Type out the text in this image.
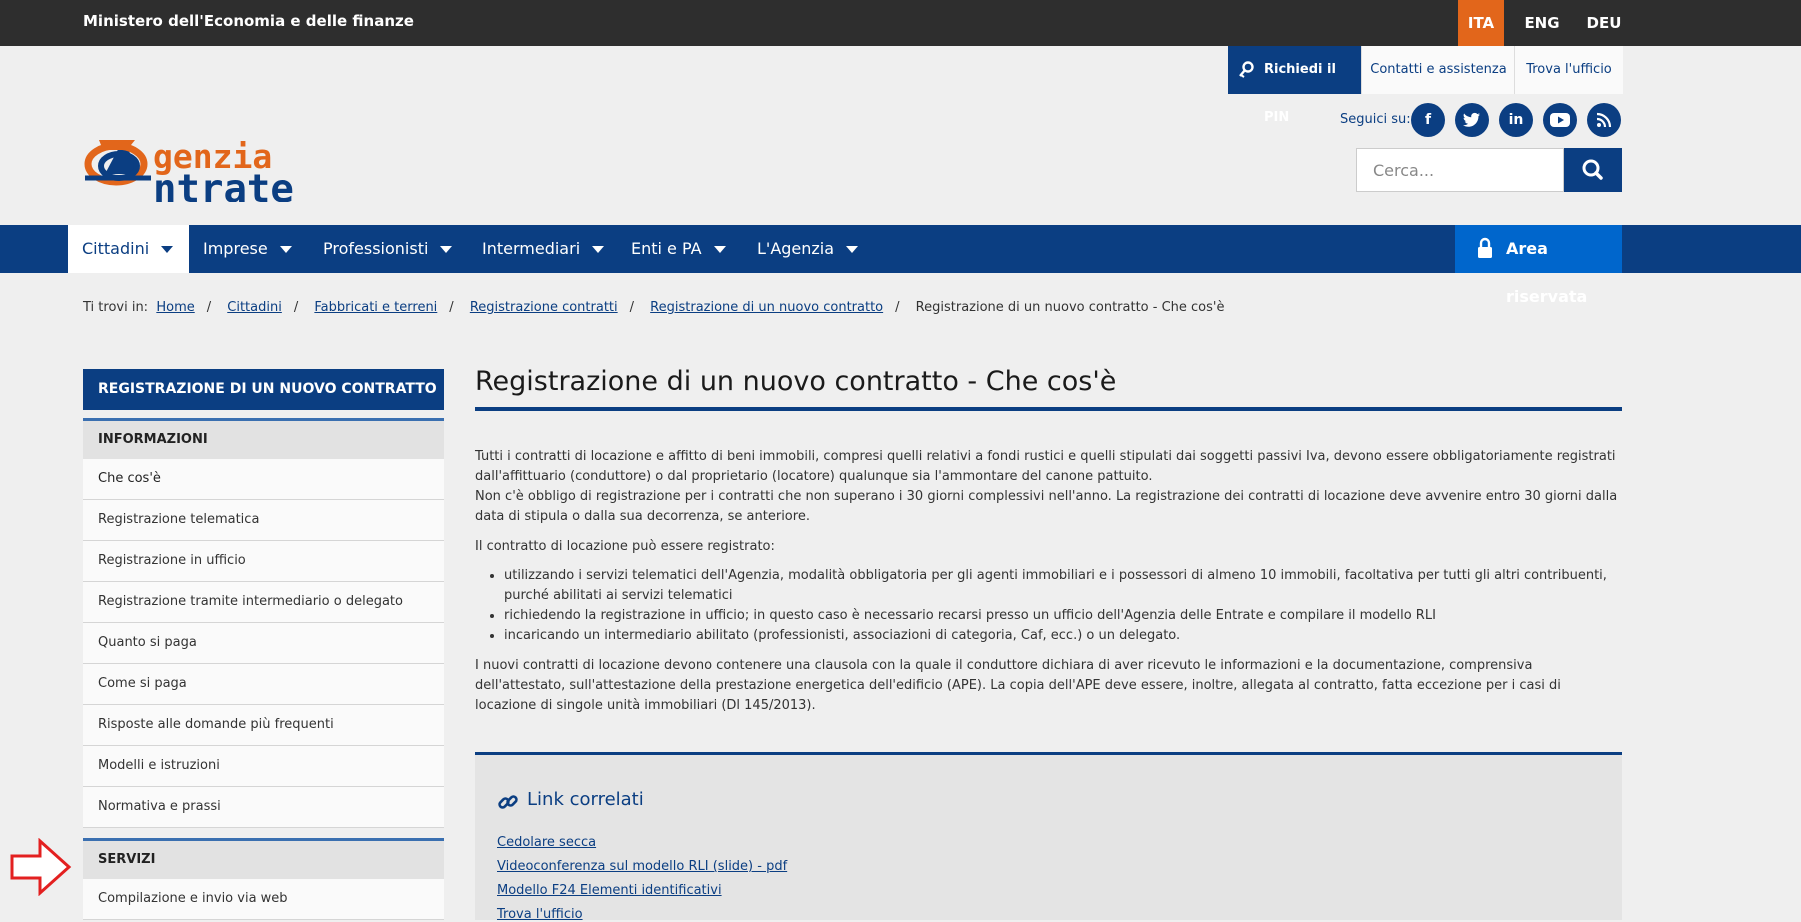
Ministero dell'Economia e delle finanze	ITA	ENG	DEU
Richiedi il PIN
Contatti e assistenza	Trova l'ufficio
Seguici su:	f	in
Cerca...
genzia
ntrate
Cittadini	Imprese	Professionisti	Intermediari	Enti e PA	L'Agenzia	Area riservata
Ti trovi in: Home / Cittadini / Fabbricati e terreni / Registrazione contratti / Registrazione di un nuovo contratto / Registrazione di un nuovo contratto - Che cos'è
REGISTRAZIONE DI UN NUOVO CONTRATTO
INFORMAZIONI
Che cos'è
Registrazione telematica
Registrazione in ufficio
Registrazione tramite intermediario o delegato
Quanto si paga
Come si paga
Risposte alle domande più frequenti
Modelli e istruzioni
Normativa e prassi
SERVIZI
Compilazione e invio via web
Registrazione di un nuovo contratto - Che cos'è

Tutti i contratti di locazione e affitto di beni immobili, compresi quelli relativi a fondi rustici e quelli stipulati dai soggetti passivi Iva, devono essere obbligatoriamente registrati dall'affittuario (conduttore) o dal proprietario (locatore) qualunque sia l'ammontare del canone pattuito.

Non c'è obbligo di registrazione per i contratti che non superano i 30 giorni complessivi nell'anno. La registrazione dei contratti di locazione deve avvenire entro 30 giorni dalla data di stipula o dalla sua decorrenza, se anteriore.

Il contratto di locazione può essere registrato:

• utilizzando i servizi telematici dell'Agenzia, modalità obbligatoria per gli agenti immobiliari e i possessori di almeno 10 immobili, facoltativa per tutti gli altri contribuenti, purché abilitati ai servizi telematici
• richiedendo la registrazione in ufficio; in questo caso è necessario recarsi presso un ufficio dell'Agenzia delle Entrate e compilare il modello RLI
• incaricando un intermediario abilitato (professionisti, associazioni di categoria, Caf, ecc.) o un delegato.

I nuovi contratti di locazione devono contenere una clausola con la quale il conduttore dichiara di aver ricevuto le informazioni e la documentazione, comprensiva dell'attestato, sull'attestazione della prestazione energetica dell'edificio (APE). La copia dell'APE deve essere, inoltre, allegata al contratto, fatta eccezione per i casi di locazione di singole unità immobiliari (Dl 145/2013).

Link correlati
Cedolare secca
Videoconferenza sul modello RLI (slide) - pdf
Modello F24 Elementi identificativi
Trova l'ufficio
